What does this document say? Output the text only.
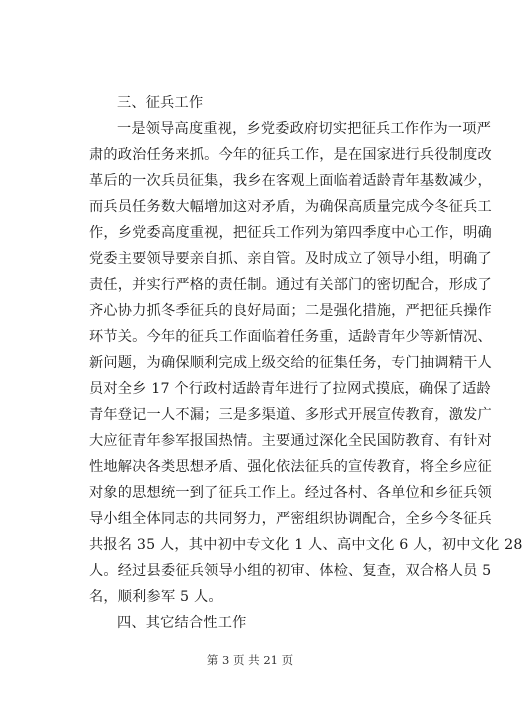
三、征兵工作
一是领导高度重视，乡党委政府切实把征兵工作作为一项严
肃的政治任务来抓。今年的征兵工作，是在国家进行兵役制度改
革后的一次兵员征集，我乡在客观上面临着适龄青年基数减少，
而兵员任务数大幅增加这对矛盾，为确保高质量完成今冬征兵工
作，乡党委高度重视，把征兵工作列为第四季度中心工作，明确
党委主要领导要亲自抓、亲自管。及时成立了领导小组，明确了
责任，并实行严格的责任制。通过有关部门的密切配合，形成了
齐心协力抓冬季征兵的良好局面；二是强化措施，严把征兵操作
环节关。今年的征兵工作面临着任务重，适龄青年少等新情况、
新问题，为确保顺利完成上级交给的征集任务，专门抽调精干人
员对全乡 17 个行政村适龄青年进行了拉网式摸底，确保了适龄
青年登记一人不漏；三是多渠道、多形式开展宣传教育，激发广
大应征青年参军报国热情。主要通过深化全民国防教育、有针对
性地解决各类思想矛盾、强化依法征兵的宣传教育，将全乡应征
对象的思想统一到了征兵工作上。经过各村、各单位和乡征兵领
导小组全体同志的共同努力，严密组织协调配合，全乡今冬征兵
共报名 35 人，其中初中专文化 1 人、高中文化 6 人，初中文化 28
人。经过县委征兵领导小组的初审、体检、复查，双合格人员 5
名，顺利参军 5 人。
四、其它结合性工作
第 3 页 共 21 页
